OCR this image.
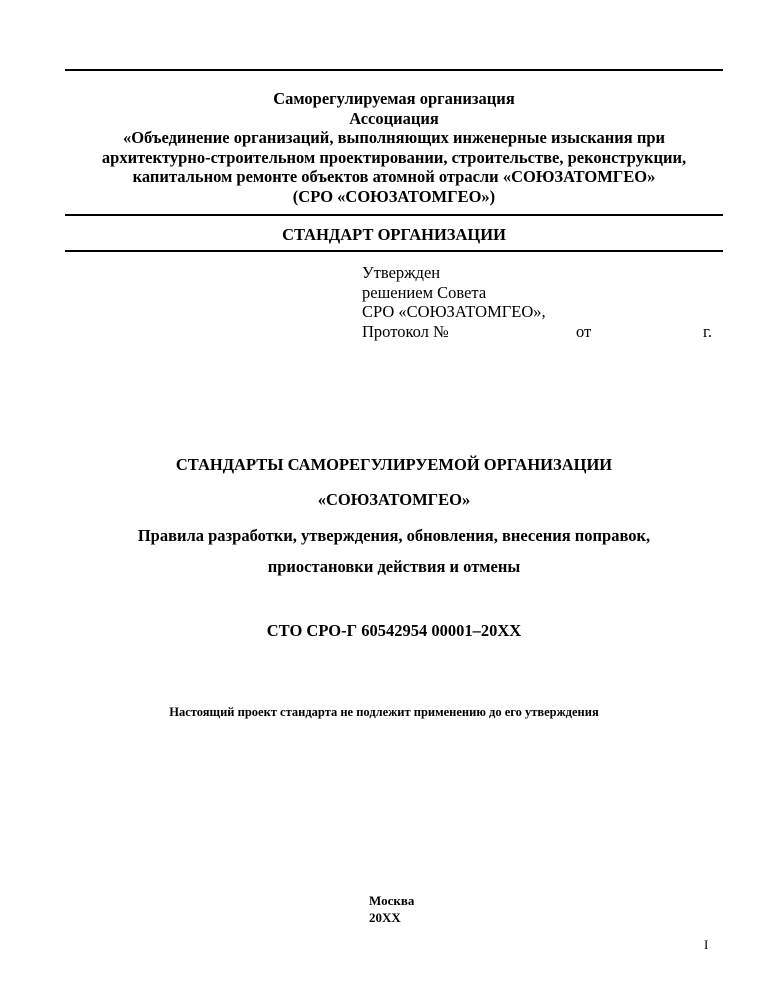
Саморегулируемая организация
Ассоциация
«Объединение организаций, выполняющих инженерные изыскания при
архитектурно-строительном проектировании, строительстве, реконструкции,
капитальном ремонте объектов атомной отрасли «СОЮЗАТОМГЕО»
(СРО «СОЮЗАТОМГЕО»)
СТАНДАРТ ОРГАНИЗАЦИИ
Утвержден
решением Совета
СРО «СОЮЗАТОМГЕО»,
Протокол №	от	г.
СТАНДАРТЫ САМОРЕГУЛИРУЕМОЙ ОРГАНИЗАЦИИ
«СОЮЗАТОМГЕО»
Правила разработки, утверждения, обновления, внесения поправок,
приостановки действия и отмены
СТО СРО-Г 60542954 00001–20ХХ
Настоящий проект стандарта не подлежит применению до его утверждения
Москва
20ХХ
I
